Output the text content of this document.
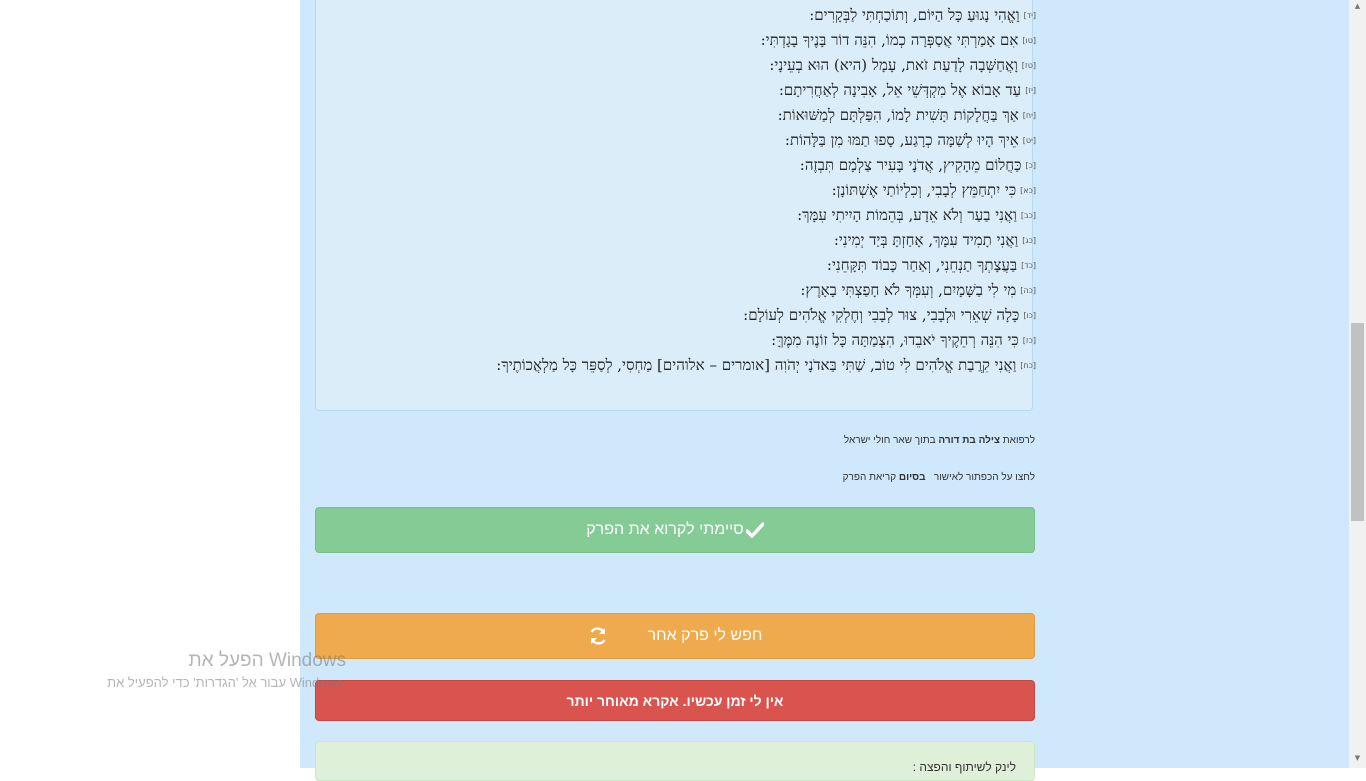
[יד]וָאֱהִי נָגוּעַ כָּל הַיּוֹם, וְתוֹכַחְתִּי לַבְּקָרִים:
[טו]אִם אָמַרְתִּי אֲסַפְּרָה כְמוֹ, הִנֵּה דוֹר בָּנֶיךָ בָגָדְתִּי:
[טז]וָאֲחַשְּׁבָה לָדַעַת זֹאת, עָמָל (היא) הוּא בְעֵינָי:
[יז]עַד אָבוֹא אֶל מִקְדְּשֵׁי אֵל, אָבִינָה לְאַחֲרִיתָם:
[יח]אַךְ בַּחֲלָקוֹת תָּשִׁית לָמוֹ, הִפַּלְתָּם לְמַשּׁוּאוֹת:
[יט]אֵיךְ הָיוּ לְשַׁמָּה כְרָגַע, סָפוּ תַמּוּ מִן בַּלָּהוֹת:
[כ]כַּחֲלוֹם מֵהָקִיץ, אֲדֹנָי בָּעִיר צַלְמָם תִּבְזֶה:
[כא]כִּי יִתְחַמֵּץ לְבָבִי, וְכִלְיוֹתַי אֶשְׁתּוֹנָן:
[כב]וַאֲנִי בַעַר וְלֹא אֵדָע, בְּהֵמוֹת הָיִיתִי עִמָּךְ:
[כג]וַאֲנִי תָמִיד עִמָּךְ, אָחַזְתָּ בְּיַד יְמִינִי:
[כד]בַּעֲצָתְךָ תַנְחֵנִי, וְאַחַר כָּבוֹד תִּקָּחֵנִי:
[כה]מִי לִי בַשָּׁמָיִם, וְעִמְּךָ לֹא חָפַצְתִּי בָאָרֶץ:
[כו]כָּלָה שְׁאֵרִי וּלְבָבִי, צוּר לְבָבִי וְחֶלְקִי אֱלֹהִים לְעוֹלָם:
[כז]כִּי הִנֵּה רְחֵקֶיךָ יֹאבֵדוּ, הִצְמַתָּה כָּל זוֹנֶה מִמֶּךָּ:
[כח]וַאֲנִי קִרֲבַת אֱלֹהִים לִי טוֹב, שַׁתִּי בַּאדֹנָי יְהֹוִה [אומרים – אלוהים] מַחְסִי, לְסַפֵּר כָּל מַלְאֲכוֹתֶיךָ:
לרפואת צילה בת דורה בתוך שאר חולי ישראל
לחצו על הכפתור לאישור   בסיום קריאת הפרק
סיימתי לקרוא את הפרק
חפש לי פרק אחר
אין לי זמן עכשיו. אקרא מאוחר יותר
לינק לשיתוף והפצה :
הפעל את Windows
עבור אל 'הגדרות' כדי להפעיל את Windows.
▲
▼
